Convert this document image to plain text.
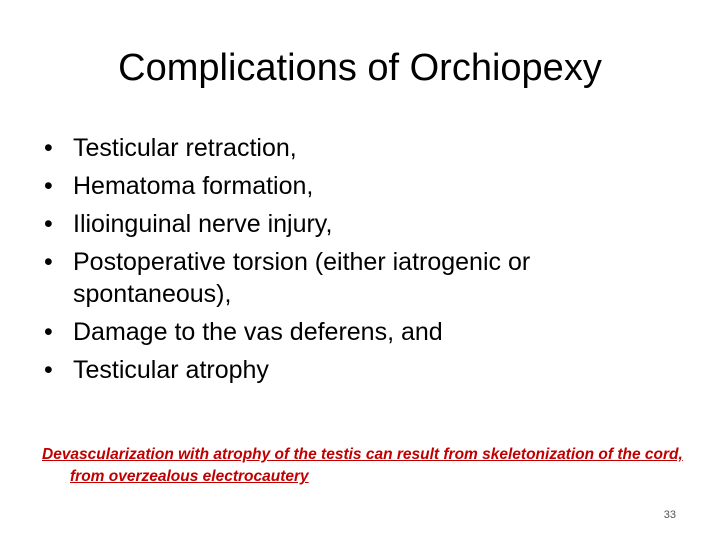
Complications of Orchiopexy
• Testicular retraction,
• Hematoma formation,
• Ilioinguinal nerve injury,
• Postoperative torsion (either iatrogenic or spontaneous),
• Damage to the vas deferens, and
• Testicular atrophy
Devascularization with atrophy of the testis can result from skeletonization of the cord, from overzealous electrocautery
33
